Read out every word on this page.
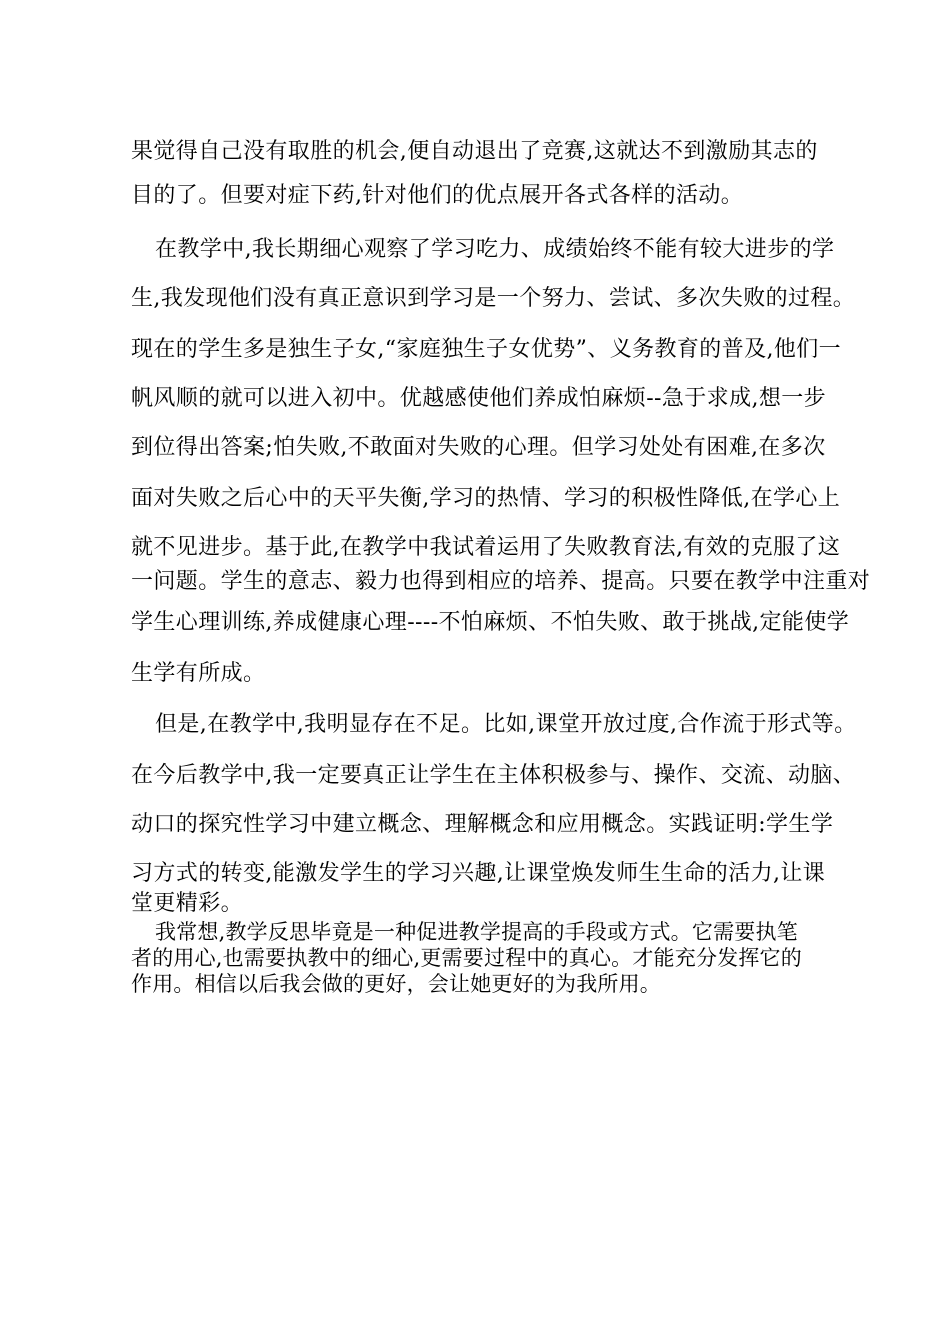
果觉得自己没有取胜的机会,便自动退出了竞赛,这就达不到激励其志的

目的了。但要对症下药,针对他们的优点展开各式各样的活动。

在教学中,我长期细心观察了学习吃力、成绩始终不能有较大进步的学

生,我发现他们没有真正意识到学习是一个努力、尝试、多次失败的过程。

现在的学生多是独生子女,“家庭独生子女优势”、义务教育的普及,他们一

帆风顺的就可以进入初中。优越感使他们养成怕麻烦--急于求成,想一步

到位得出答案;怕失败,不敢面对失败的心理。但学习处处有困难,在多次

面对失败之后心中的天平失衡,学习的热情、学习的积极性降低,在学心上

就不见进步。基于此,在教学中我试着运用了失败教育法,有效的克服了这

一问题。学生的意志、毅力也得到相应的培养、提高。只要在教学中注重对

学生心理训练,养成健康心理----不怕麻烦、不怕失败、敢于挑战,定能使学

生学有所成。

但是,在教学中,我明显存在不足。比如,课堂开放过度,合作流于形式等。

在今后教学中,我一定要真正让学生在主体积极参与、操作、交流、动脑、

动口的探究性学习中建立概念、理解概念和应用概念。实践证明:学生学

习方式的转变,能激发学生的学习兴趣,让课堂焕发师生生命的活力,让课

堂更精彩。

我常想,教学反思毕竟是一种促进教学提高的手段或方式。它需要执笔

者的用心,也需要执教中的细心,更需要过程中的真心。才能充分发挥它的

作用。相信以后我会做的更好，会让她更好的为我所用。
